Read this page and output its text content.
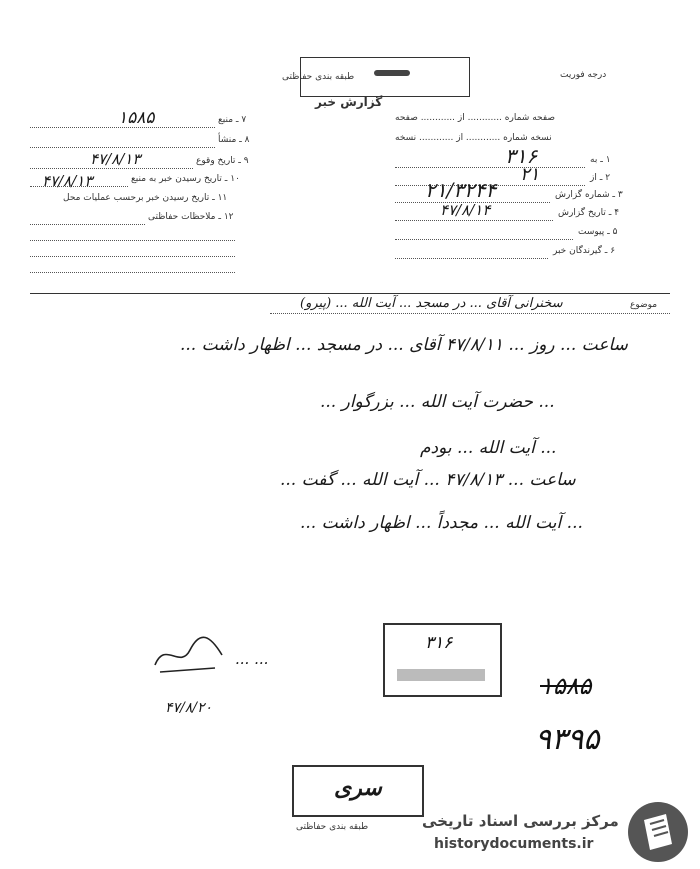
طبقه بندی حفاظتی
گزارش خبر
درجه فوریت
صفحه شماره ............ از ............ صفحه
نسخه شماره ............ از ............ نسخه
۱ ـ به
۳۱۶
۲ ـ از
۲۱
۳ ـ شماره گزارش
۲۱/۳۲۴۴
۴ ـ تاریخ گزارش
۴۷/۸/۱۴
۵ ـ پیوست
۶ ـ گیرندگان خبر
۷ ـ منبع
۱۵۸۵
۸ ـ منشأ
۹ ـ تاریخ وقوع
۴۷/۸/۱۳
۱۰ ـ تاریخ رسیدن خبر به منبع
۴۷/۸/۱۳
۱۱ ـ تاریخ رسیدن خبر برحسب عملیات محل
۱۲ ـ ملاحظات حفاظتی
موضوع
سخنرانی آقای ... در مسجد ... آیت الله ... (پیرو)
ساعت ... روز ... ۴۷/۸/۱۱ آقای ... در مسجد ... اظهار داشت ...
... حضرت آیت الله ... بزرگوار ...
... آیت الله ... بودم
ساعت ... ۴۷/۸/۱۳ ... آیت الله ... گفت ...
... آیت الله ... مجدداً ... اظهار داشت ...
... ...
۴۷/۸/۲۰
۳۱۶
۱۵۸۵
۹۳۹۵
سری
طبقه بندی حفاظتی	مرکز بررسی اسناد تاریخی
historydocuments.ir
